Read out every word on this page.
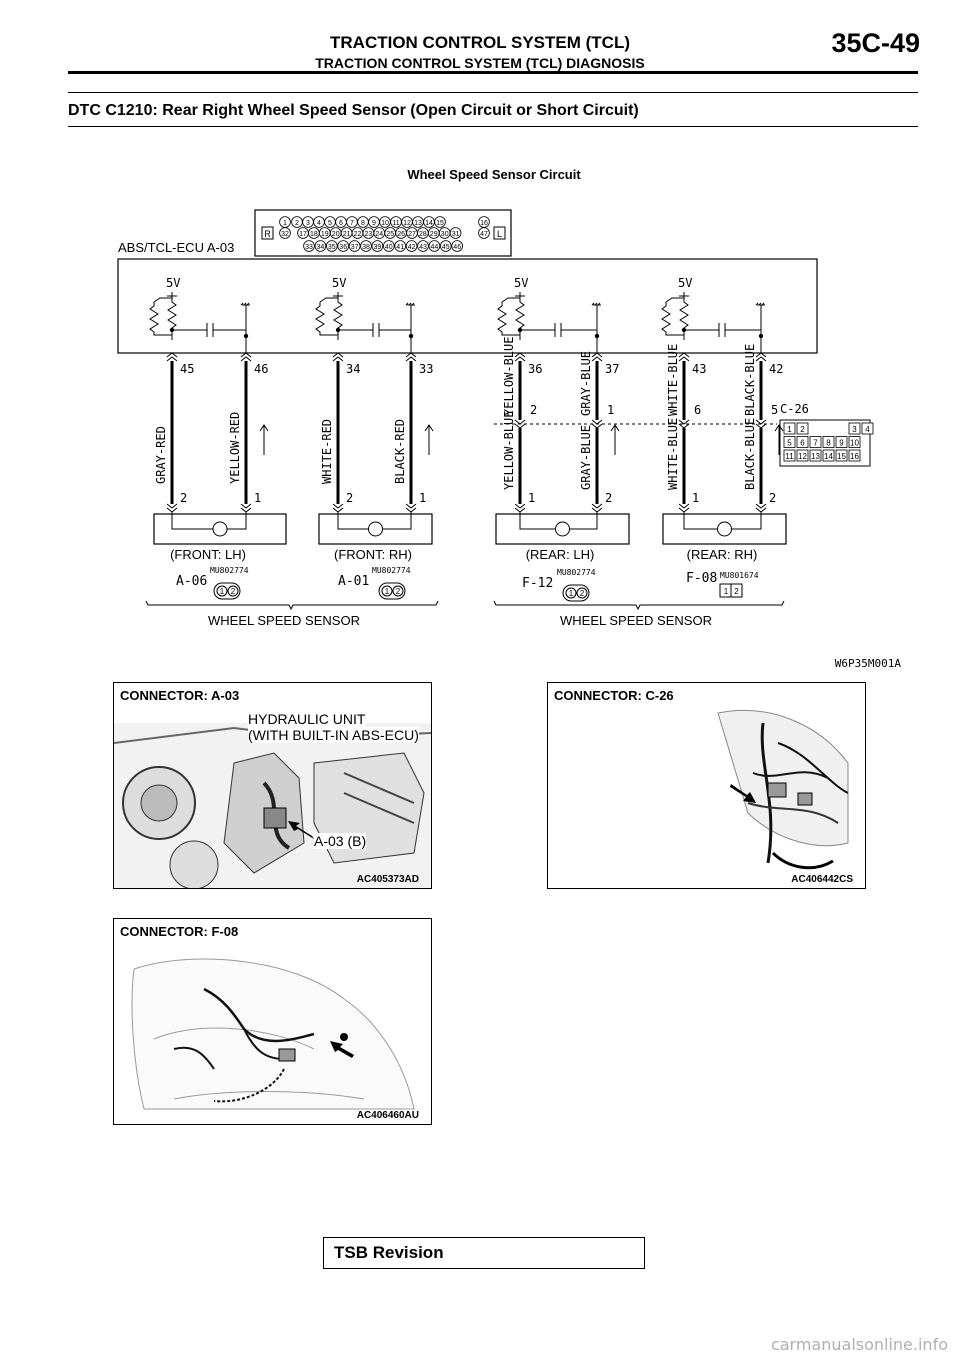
TRACTION CONTROL SYSTEM (TCL)
TRACTION CONTROL SYSTEM (TCL) DIAGNOSIS
35C-49
DTC C1210: Rear Right Wheel Speed Sensor (Open Circuit or Short Circuit)
Wheel Speed Sensor Circuit
R	L
1 2 3 4 5 6 7 8 9 10 11 12 13 14 15	16
32 17 18 19 20 21 22 23 24 25 26 27 28 29 30 31	47
33 34 35 36 37 38 39 40 41 42 43 44 45 46
ABS/TCL-ECU A-03
5V	5V	5V	5V
45
GRAY-RED
2
46
YELLOW-RED
1
34
WHITE-RED
2
33
BLACK-RED
1
36
YELLOW-BLUE
YELLOW-BLUE
2
1
37
GRAY-BLUE
GRAY-BLUE
1
2
43
WHITE-BLUE
WHITE-BLUE
6
1
42
BLACK-BLUE
BLACK-BLUE
5
2
C-26
1 2	3 4
5 6 7 8 9 10
11 12 13 14 15 16
(FRONT: LH)
A-06
MU802774
1 2
(FRONT: RH)
A-01
MU802774
1 2
(REAR: LH)
F-12
MU802774
1 2
(REAR: RH)
F-08 MU801674
1 2
WHEEL SPEED SENSOR	WHEEL SPEED SENSOR
W6P35M001A
CONNECTOR: A-03
HYDRAULIC UNIT
(WITH BUILT-IN ABS-ECU)
A-03 (B)
AC405373AD
CONNECTOR: C-26
AC406442CS
CONNECTOR: F-08
AC406460AU
TSB Revision
carmanualsonline.info
